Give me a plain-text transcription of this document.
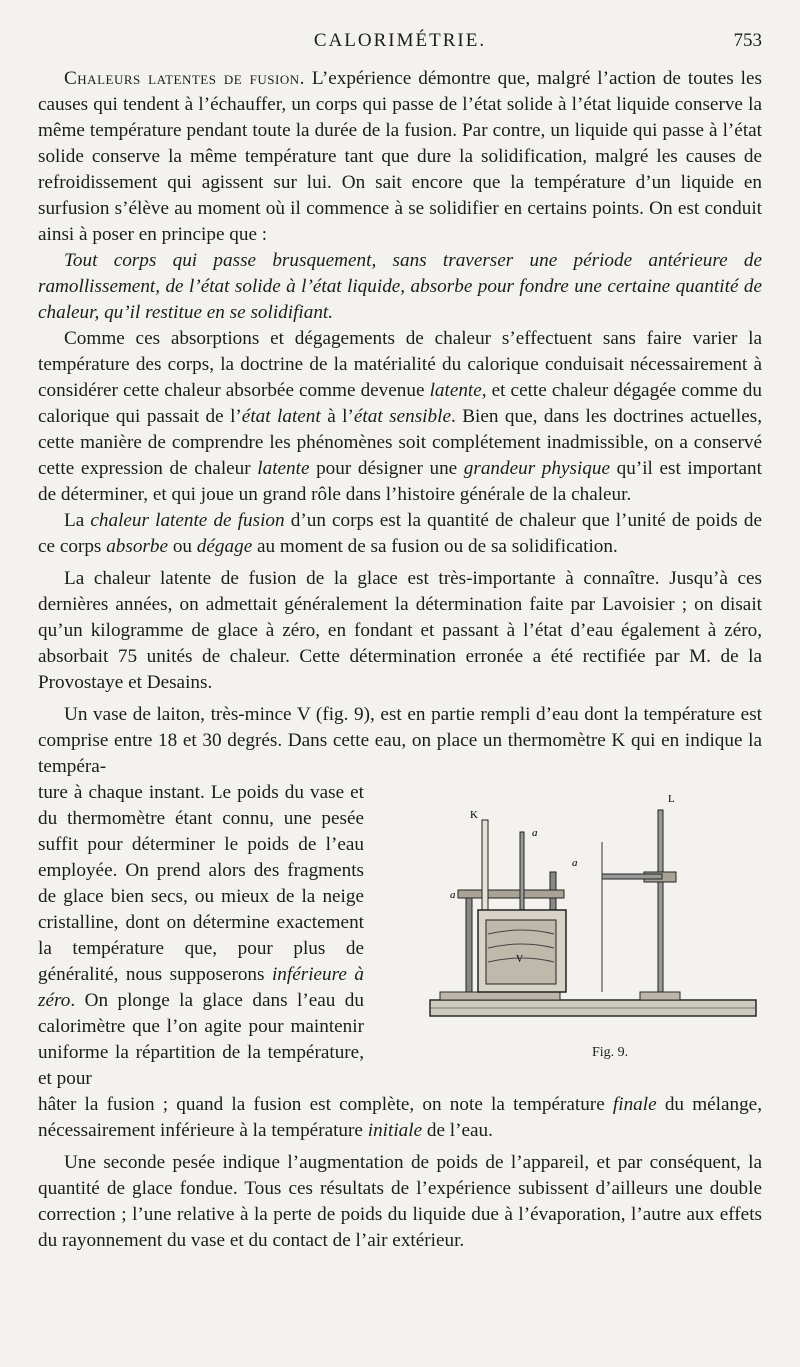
CALORIMÉTRIE.	753

Chaleurs latentes de fusion. L’expérience démontre que, malgré l’action de toutes les causes qui tendent à l’échauffer, un corps qui passe de l’état solide à l’état liquide conserve la même température pendant toute la durée de la fusion. Par contre, un liquide qui passe à l’état solide conserve la même température tant que dure la solidification, malgré les causes de refroidissement qui agissent sur lui. On sait encore que la température d’un liquide en surfusion s’élève au moment où il commence à se solidifier en certains points. On est conduit ainsi à poser en principe que :

Tout corps qui passe brusquement, sans traverser une période antérieure de ramollissement, de l’état solide à l’état liquide, absorbe pour fondre une certaine quantité de chaleur, qu’il restitue en se solidifiant.

Comme ces absorptions et dégagements de chaleur s’effectuent sans faire varier la température des corps, la doctrine de la matérialité du calorique conduisait nécessairement à considérer cette chaleur absorbée comme devenue latente, et cette chaleur dégagée comme du calorique qui passait de l’état latent à l’état sensible. Bien que, dans les doctrines actuelles, cette manière de comprendre les phénomènes soit complétement inadmissible, on a conservé cette expression de chaleur latente pour désigner une grandeur physique qu’il est important de déterminer, et qui joue un grand rôle dans l’histoire générale de la chaleur.

La chaleur latente de fusion d’un corps est la quantité de chaleur que l’unité de poids de ce corps absorbe ou dégage au moment de sa fusion ou de sa solidification.

La chaleur latente de fusion de la glace est très-importante à connaître. Jusqu’à ces dernières années, on admettait généralement la détermination faite par Lavoisier ; on disait qu’un kilogramme de glace à zéro, en fondant et passant à l’état d’eau également à zéro, absorbait 75 unités de chaleur. Cette détermination erronée a été rectifiée par M. de la Provostaye et Desains.

Un vase de laiton, très-mince V (fig. 9), est en partie rempli d’eau dont la température est comprise entre 18 et 30 degrés. Dans cette eau, on place un thermomètre K qui en indique la tempéra-

ture à chaque instant. Le poids du vase et du thermomètre étant connu, une pesée suffit pour déterminer le poids de l’eau employée. On prend alors des fragments de glace bien secs, ou mieux de la neige cristalline, dont on détermine exactement la température que, pour plus de généralité, nous supposerons inférieure à zéro. On plonge la glace dans l’eau du calorimètre que l’on agite pour maintenir uniforme la répartition de la température, et pour

hâter la fusion ; quand la fusion est complète, on note la température finale du mélange, nécessairement inférieure à la température initiale de l’eau.

K
L
a
a
a
V
Fig. 9.

Une seconde pesée indique l’augmentation de poids de l’appareil, et par conséquent, la quantité de glace fondue. Tous ces résultats de l’expérience subissent d’ailleurs une double correction ; l’une relative à la perte de poids du liquide due à l’évaporation, l’autre aux effets du rayonnement du vase et du contact de l’air extérieur.
